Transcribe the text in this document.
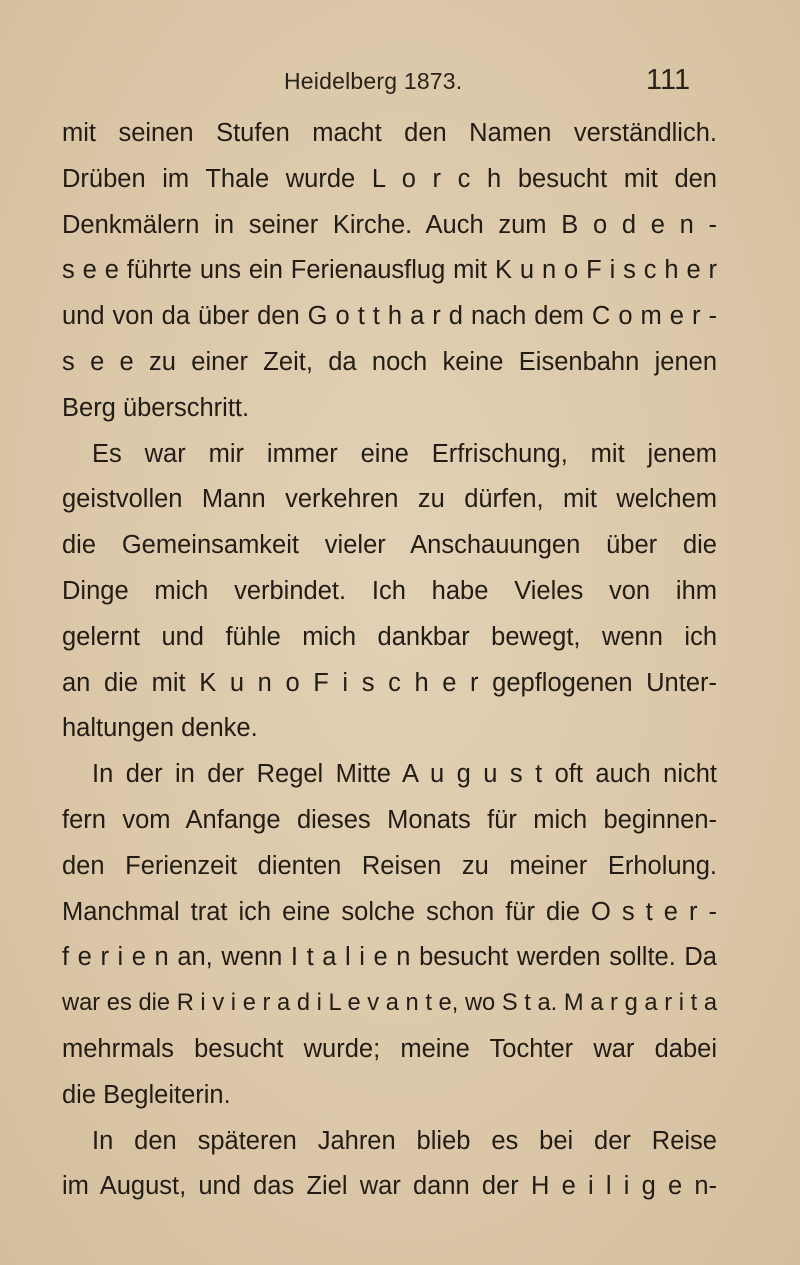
Heidelberg 1873.	111
mit seinen Stufen macht den Namen verständlich.
Drüben im Thale wurde L o r c h besucht mit den
Denkmälern in seiner Kirche. Auch zum B o d e n -
s e e führte uns ein Ferienausflug mit K u n o F i s c h e r
und von da über den G o t t h a r d nach dem C o m e r -
s e e zu einer Zeit, da noch keine Eisenbahn jenen
Berg überschritt.
Es war mir immer eine Erfrischung, mit jenem
geistvollen Mann verkehren zu dürfen, mit welchem
die Gemeinsamkeit vieler Anschauungen über die
Dinge mich verbindet. Ich habe Vieles von ihm
gelernt und fühle mich dankbar bewegt, wenn ich
an die mit K u n o F i s c h e r gepflogenen Unter-
haltungen denke.
In der in der Regel Mitte A u g u s t oft auch nicht
fern vom Anfange dieses Monats für mich beginnen-
den Ferienzeit dienten Reisen zu meiner Erholung.
Manchmal trat ich eine solche schon für die O s t e r -
f e r i e n an, wenn I t a l i e n besucht werden sollte. Da
war es die R i v i e r a d i L e v a n t e, wo S t a. M a r g a r i t a
mehrmals besucht wurde; meine Tochter war dabei
die Begleiterin.
In den späteren Jahren blieb es bei der Reise
im August, und das Ziel war dann der H e i l i g e n-
